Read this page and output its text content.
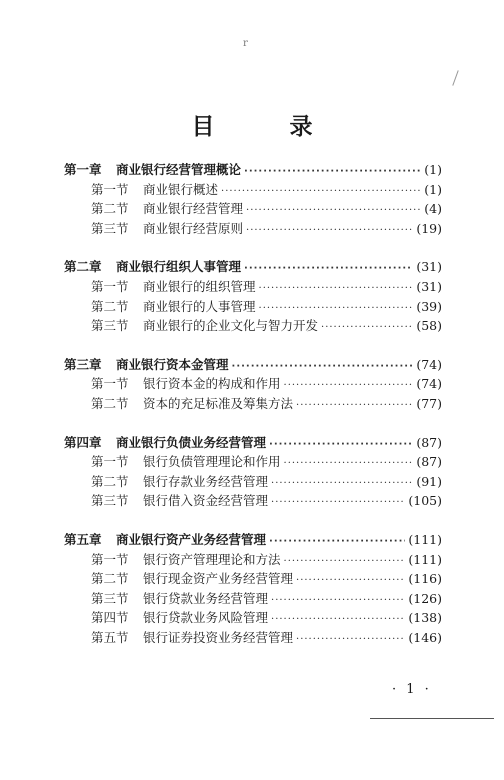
r
目　录
第一章	商业银行经营管理概论 ·····	(1)
第一节	商业银行概述 ·····	(1)
第二节	商业银行经营管理 ·····	(4)
第三节	商业银行经营原则 ·····	(19)
第二章	商业银行组织人事管理 ·····	(31)
第一节	商业银行的组织管理 ·····	(31)
第二节	商业银行的人事管理 ·····	(39)
第三节	商业银行的企业文化与智力开发 ·····	(58)
第三章	商业银行资本金管理 ·····	(74)
第一节	银行资本金的构成和作用 ·····	(74)
第二节	资本的充足标准及筹集方法 ·····	(77)
第四章	商业银行负债业务经营管理 ·····	(87)
第一节	银行负债管理理论和作用 ·····	(87)
第二节	银行存款业务经营管理 ·····	(91)
第三节	银行借入资金经营管理 ·····	(105)
第五章	商业银行资产业务经营管理 ·····	(111)
第一节	银行资产管理理论和方法 ·····	(111)
第二节	银行现金资产业务经营管理 ·····	(116)
第三节	银行贷款业务经营管理 ·····	(126)
第四节	银行贷款业务风险管理 ·····	(138)
第五节	银行证券投资业务经营管理 ·····	(146)
· 1 ·
